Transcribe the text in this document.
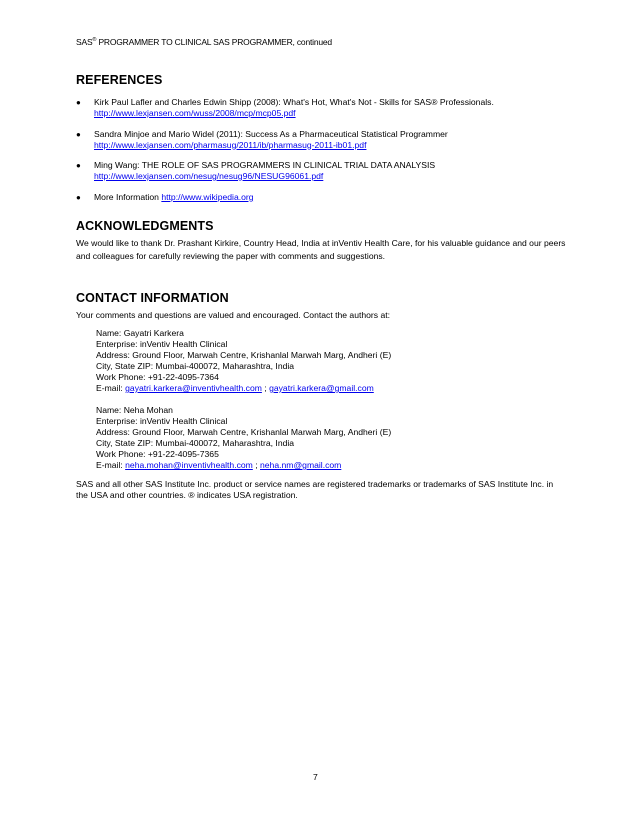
SAS® PROGRAMMER TO CLINICAL SAS PROGRAMMER, continued
REFERENCES
● Kirk Paul Lafler and Charles Edwin Shipp (2008): What's Hot, What's Not - Skills for SAS® Professionals.
http://www.lexjansen.com/wuss/2008/mcp/mcp05.pdf
● Sandra Minjoe and Mario Widel (2011): Success As a Pharmaceutical Statistical Programmer
http://www.lexjansen.com/pharmasug/2011/ib/pharmasug-2011-ib01.pdf
● Ming Wang: THE ROLE OF SAS PROGRAMMERS IN CLINICAL TRIAL DATA ANALYSIS
http://www.lexjansen.com/nesug/nesug96/NESUG96061.pdf
● More Information http://www.wikipedia.org
ACKNOWLEDGMENTS

We would like to thank Dr. Prashant Kirkire, Country Head, India at inVentiv Health Care, for his valuable guidance and our peers and colleagues for carefully reviewing the paper with comments and suggestions.

CONTACT INFORMATION

Your comments and questions are valued and encouraged. Contact the authors at:

Name: Gayatri Karkera
Enterprise: inVentiv Health Clinical
Address: Ground Floor, Marwah Centre, Krishanlal Marwah Marg, Andheri (E)
City, State ZIP: Mumbai-400072, Maharashtra, India
Work Phone: +91-22-4095-7364
E-mail: gayatri.karkera@inventivhealth.com ; gayatri.karkera@gmail.com
Name: Neha Mohan
Enterprise: inVentiv Health Clinical
Address: Ground Floor, Marwah Centre, Krishanlal Marwah Marg, Andheri (E)
City, State ZIP: Mumbai-400072, Maharashtra, India
Work Phone: +91-22-4095-7365
E-mail: neha.mohan@inventivhealth.com ; neha.nm@gmail.com

SAS and all other SAS Institute Inc. product or service names are registered trademarks or trademarks of SAS Institute Inc. in the USA and other countries. ® indicates USA registration.

7
